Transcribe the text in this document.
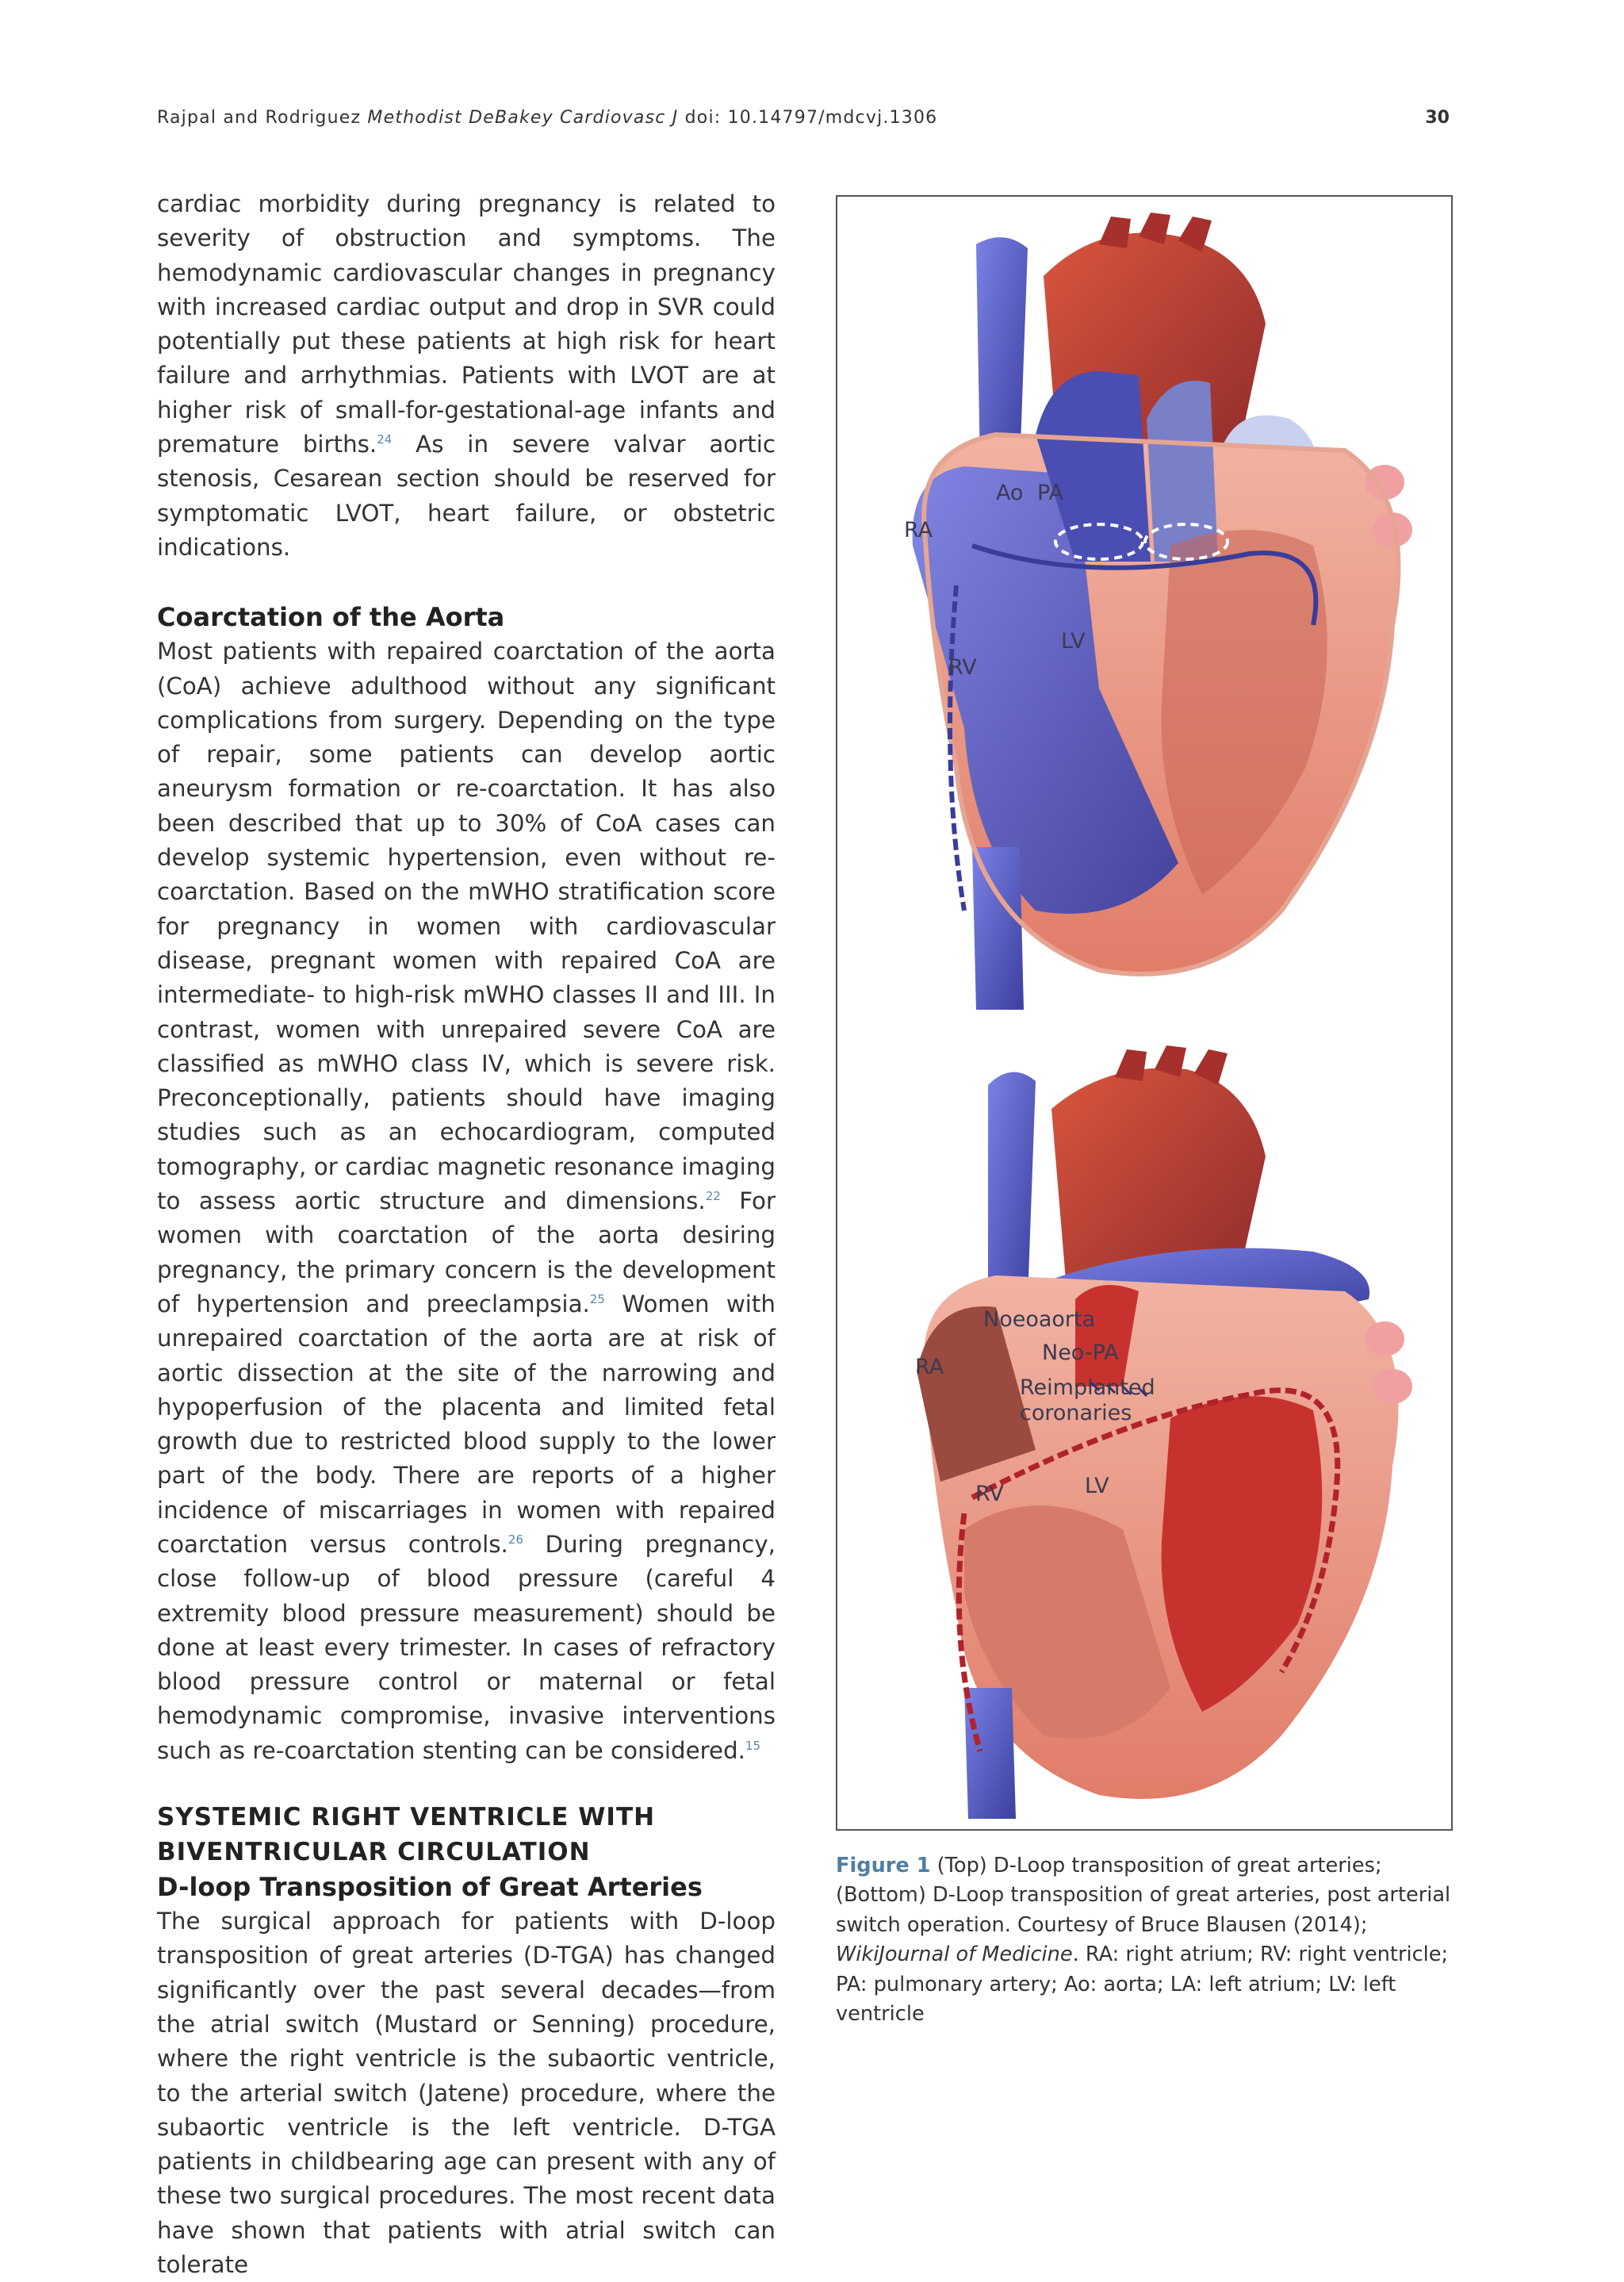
Rajpal and Rodriguez Methodist DeBakey Cardiovasc J doi: 10.14797/mdcvj.1306	30

cardiac morbidity during pregnancy is related to severity of obstruction and symptoms. The hemodynamic cardiovascular changes in pregnancy with increased cardiac output and drop in SVR could potentially put these patients at high risk for heart failure and arrhythmias. Patients with LVOT are at higher risk of small-for-gestational-age infants and premature births.$^{24}$ As in severe valvar aortic stenosis, Cesarean section should be reserved for symptomatic LVOT, heart failure, or obstetric indications.

Coarctation of the Aorta

Most patients with repaired coarctation of the aorta (CoA) achieve adulthood without any significant complications from surgery. Depending on the type of repair, some patients can develop aortic aneurysm formation or re-coarctation. It has also been described that up to 30% of CoA cases can develop systemic hypertension, even without re-coarctation. Based on the mWHO stratification score for pregnancy in women with cardiovascular disease, pregnant women with repaired CoA are intermediate- to high-risk mWHO classes II and III. In contrast, women with unrepaired severe CoA are classified as mWHO class IV, which is severe risk. Preconceptionally, patients should have imaging studies such as an echocardiogram, computed tomography, or cardiac magnetic resonance imaging to assess aortic structure and dimensions.$^{22}$ For women with coarctation of the aorta desiring pregnancy, the primary concern is the development of hypertension and preeclampsia.$^{25}$ Women with unrepaired coarctation of the aorta are at risk of aortic dissection at the site of the narrowing and hypoperfusion of the placenta and limited fetal growth due to restricted blood supply to the lower part of the body. There are reports of a higher incidence of miscarriages in women with repaired coarctation versus controls.$^{26}$ During pregnancy, close follow-up of blood pressure (careful 4 extremity blood pressure measurement) should be done at least every trimester. In cases of refractory blood pressure control or maternal or fetal hemodynamic compromise, invasive interventions such as re-coarctation stenting can be considered.$^{15}$

SYSTEMIC RIGHT VENTRICLE WITH
BIVENTRICULAR CIRCULATION
D-loop Transposition of Great Arteries

The surgical approach for patients with D-loop transposition of great arteries (D-TGA) has changed significantly over the past several decades—from the atrial switch (Mustard or Senning) procedure, where the right ventricle is the subaortic ventricle, to the arterial switch (Jatene) procedure, where the subaortic ventricle is the left ventricle. D-TGA patients in childbearing age can present with any of these two surgical procedures. The most recent data have shown that patients with atrial switch can tolerate

Ao PA
RA
LV
RV
Noeoaorta
Neo-PA
RA
Reimplanted
coronaries
RV	LV
Figure 1 (Top) D-Loop transposition of great arteries; (Bottom) D-Loop transposition of great arteries, post arterial switch operation. Courtesy of Bruce Blausen (2014); WikiJournal of Medicine. RA: right atrium; RV: right ventricle; PA: pulmonary artery; Ao: aorta; LA: left atrium; LV: left ventricle
